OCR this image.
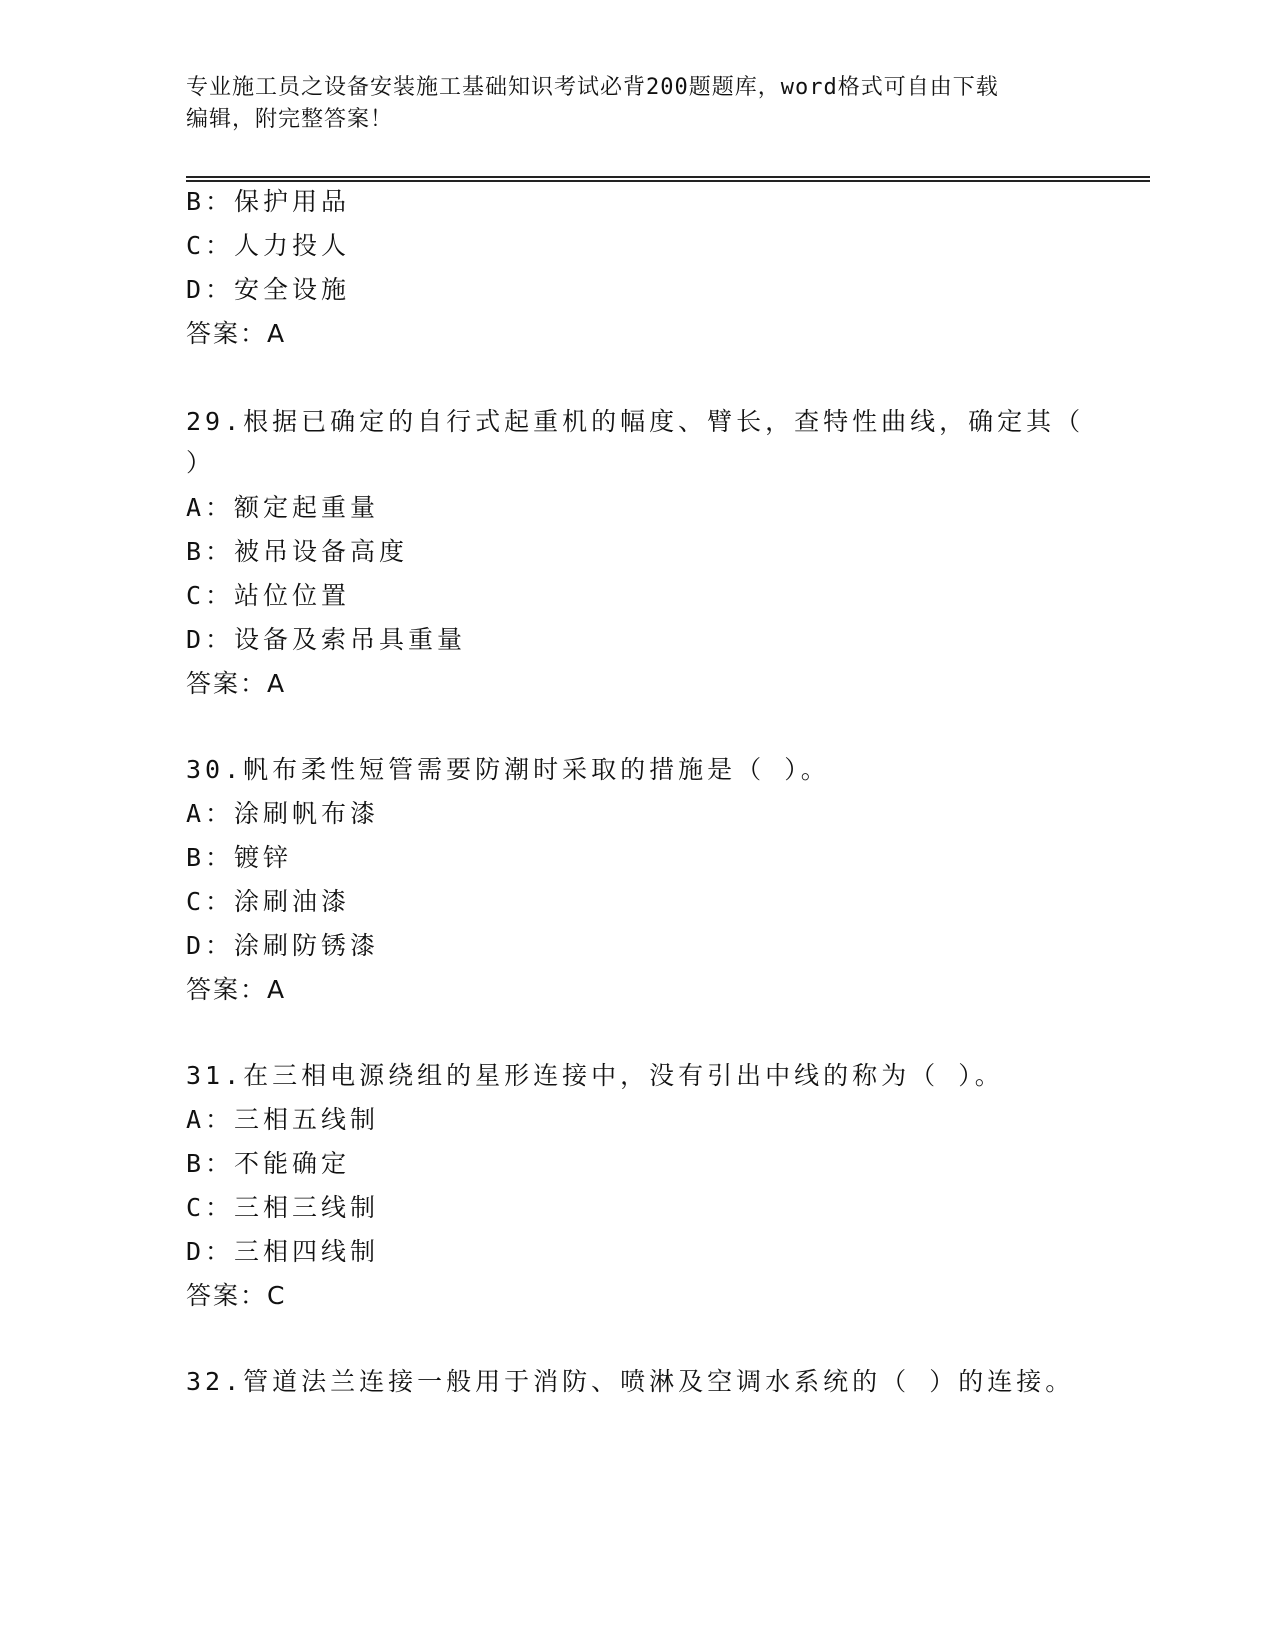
专业施工员之设备安装施工基础知识考试必背200题题库，word格式可自由下载
编辑，附完整答案！
B：保护用品
C：人力投人
D：安全设施
答案：A
29.根据已确定的自行式起重机的幅度、臂长，查特性曲线，确定其（
）
A：额定起重量
B：被吊设备高度
C：站位位置
D：设备及索吊具重量
答案：A
30.帆布柔性短管需要防潮时采取的措施是（ ）。
A：涂刷帆布漆
B：镀锌
C：涂刷油漆
D：涂刷防锈漆
答案：A
31.在三相电源绕组的星形连接中，没有引出中线的称为（ ）。
A：三相五线制
B：不能确定
C：三相三线制
D：三相四线制
答案：C
32.管道法兰连接一般用于消防、喷淋及空调水系统的（ ）的连接。
